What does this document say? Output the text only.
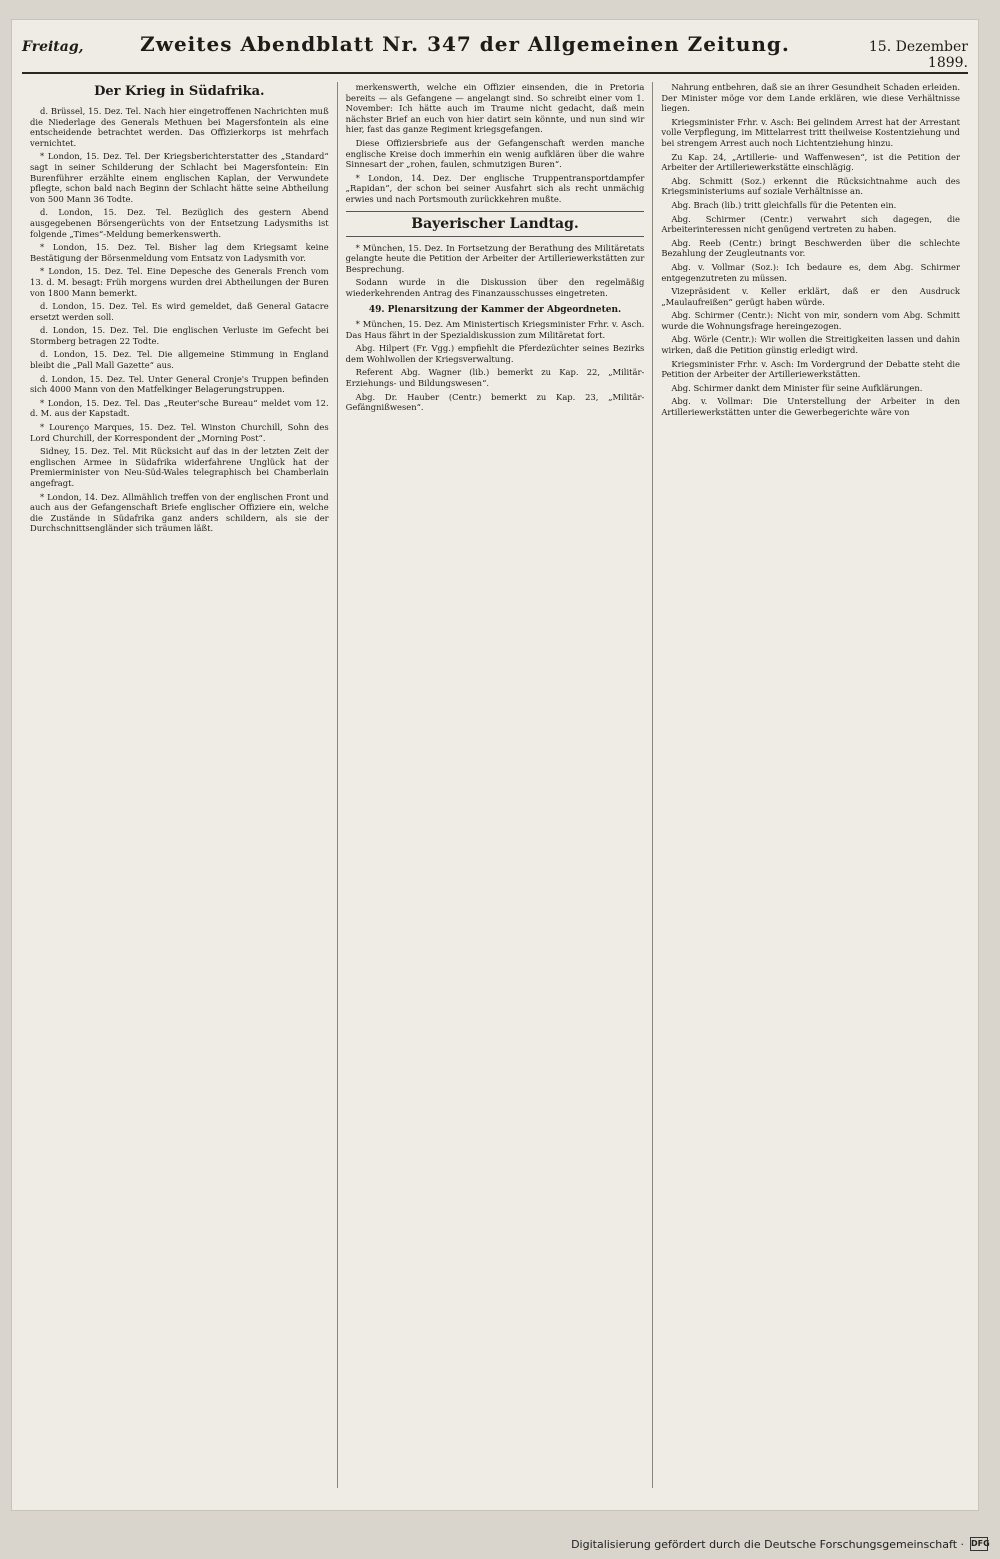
Freitag,	Zweites Abendblatt Nr. 347 der Allgemeinen Zeitung.	15. Dezember 1899.
Der Krieg in Südafrika.

d. Brüssel, 15. Dez. Tel. Nach hier eingetroffenen Nachrichten muß die Niederlage des Generals Methuen bei Magersfontein als eine entscheidende betrachtet werden. Das Offizierkorps ist mehrfach vernichtet.

* London, 15. Dez. Tel. Der Kriegsberichterstatter des „Standard“ sagt in seiner Schilderung der Schlacht bei Magersfontein: Ein Burenführer erzählte einem englischen Kaplan, der Verwundete pflegte, schon bald nach Beginn der Schlacht hätte seine Abtheilung von 500 Mann 36 Todte.

d. London, 15. Dez. Tel. Bezüglich des gestern Abend ausgegebenen Börsengerüchts von der Entsetzung Ladysmiths ist folgende „Times“-Meldung bemerkenswerth.

* London, 15. Dez. Tel. Bisher lag dem Kriegsamt keine Bestätigung der Börsenmeldung vom Entsatz von Ladysmith vor.

* London, 15. Dez. Tel. Eine Depesche des Generals French vom 13. d. M. besagt: Früh morgens wurden drei Abtheilungen der Buren von 1800 Mann bemerkt.

d. London, 15. Dez. Tel. Es wird gemeldet, daß General Gatacre ersetzt werden soll.

d. London, 15. Dez. Tel. Die englischen Verluste im Gefecht bei Stormberg betragen 22 Todte.

d. London, 15. Dez. Tel. Die allgemeine Stimmung in England bleibt die „Pall Mall Gazette“ aus.

d. London, 15. Dez. Tel. Unter General Cronje's Truppen befinden sich 4000 Mann von den Matfelkinger Belagerungstruppen.

* London, 15. Dez. Tel. Das „Reuter'sche Bureau“ meldet vom 12. d. M. aus der Kapstadt.

* Lourenço Marques, 15. Dez. Tel. Winston Churchill, Sohn des Lord Churchill, der Korrespondent der „Morning Post“.

Sidney, 15. Dez. Tel. Mit Rücksicht auf das in der letzten Zeit der englischen Armee in Südafrika widerfahrene Unglück hat der Premierminister von Neu-Süd-Wales telegraphisch bei Chamberlain angefragt.

* London, 14. Dez. Allmählich treffen von der englischen Front und auch aus der Gefangenschaft Briefe englischer Offiziere ein, welche die Zustände in Südafrika ganz anders schildern, als sie der Durchschnittsengländer sich träumen läßt.

merkenswerth, welche ein Offizier einsenden, die in Pretoria bereits — als Gefangene — angelangt sind. So schreibt einer vom 1. November: Ich hätte auch im Traume nicht gedacht, daß mein nächster Brief an euch von hier datirt sein könnte, und nun sind wir hier, fast das ganze Regiment kriegsgefangen.

Diese Offiziersbriefe aus der Gefangenschaft werden manche englische Kreise doch immerhin ein wenig aufklären über die wahre Sinnesart der „rohen, faulen, schmutzigen Buren“.

* London, 14. Dez. Der englische Truppentransportdampfer „Rapidan“, der schon bei seiner Ausfahrt sich als recht unmächig erwies und nach Portsmouth zurückkehren mußte.

Bayerischer Landtag.

* München, 15. Dez. In Fortsetzung der Berathung des Militäretats gelangte heute die Petition der Arbeiter der Artilleriewerkstätten zur Besprechung.

Sodann wurde in die Diskussion über den regelmäßig wiederkehrenden Antrag des Finanzausschusses eingetreten.

49. Plenarsitzung der Kammer der Abgeordneten.

* München, 15. Dez. Am Ministertisch Kriegsminister Frhr. v. Asch. Das Haus fährt in der Spezialdiskussion zum Militäretat fort.

Abg. Hilpert (Fr. Vgg.) empfiehlt die Pferdezüchter seines Bezirks dem Wohlwollen der Kriegsverwaltung.

Referent Abg. Wagner (lib.) bemerkt zu Kap. 22, „Militär-Erziehungs- und Bildungswesen“.

Abg. Dr. Hauber (Centr.) bemerkt zu Kap. 23, „Militär-Gefängnißwesen“.

Nahrung entbehren, daß sie an ihrer Gesundheit Schaden erleiden. Der Minister möge vor dem Lande erklären, wie diese Verhältnisse liegen.

Kriegsminister Frhr. v. Asch: Bei gelindem Arrest hat der Arrestant volle Verpflegung, im Mittelarrest tritt theilweise Kostentziehung und bei strengem Arrest auch noch Lichtentziehung hinzu.

Zu Kap. 24, „Artillerie- und Waffenwesen“, ist die Petition der Arbeiter der Artilleriewerkstätte einschlägig.

Abg. Schmitt (Soz.) erkennt die Rücksichtnahme auch des Kriegsministeriums auf soziale Verhältnisse an.

Abg. Brach (lib.) tritt gleichfalls für die Petenten ein.

Abg. Schirmer (Centr.) verwahrt sich dagegen, die Arbeiterinteressen nicht genügend vertreten zu haben.

Abg. Reeb (Centr.) bringt Beschwerden über die schlechte Bezahlung der Zeugleutnants vor.

Abg. v. Vollmar (Soz.): Ich bedaure es, dem Abg. Schirmer entgegenzutreten zu müssen.

Vizepräsident v. Keller erklärt, daß er den Ausdruck „Maulaufreißen“ gerügt haben würde.

Abg. Schirmer (Centr.): Nicht von mir, sondern vom Abg. Schmitt wurde die Wohnungsfrage hereingezogen.

Abg. Wörle (Centr.): Wir wollen die Streitigkeiten lassen und dahin wirken, daß die Petition günstig erledigt wird.

Kriegsminister Frhr. v. Asch: Im Vordergrund der Debatte steht die Petition der Arbeiter der Artilleriewerkstätten.

Abg. Schirmer dankt dem Minister für seine Aufklärungen.

Abg. v. Vollmar: Die Unterstellung der Arbeiter in den Artilleriewerkstätten unter die Gewerbegerichte wäre von

Digitalisierung gefördert durch die Deutsche Forschungsgemeinschaft · DFG
